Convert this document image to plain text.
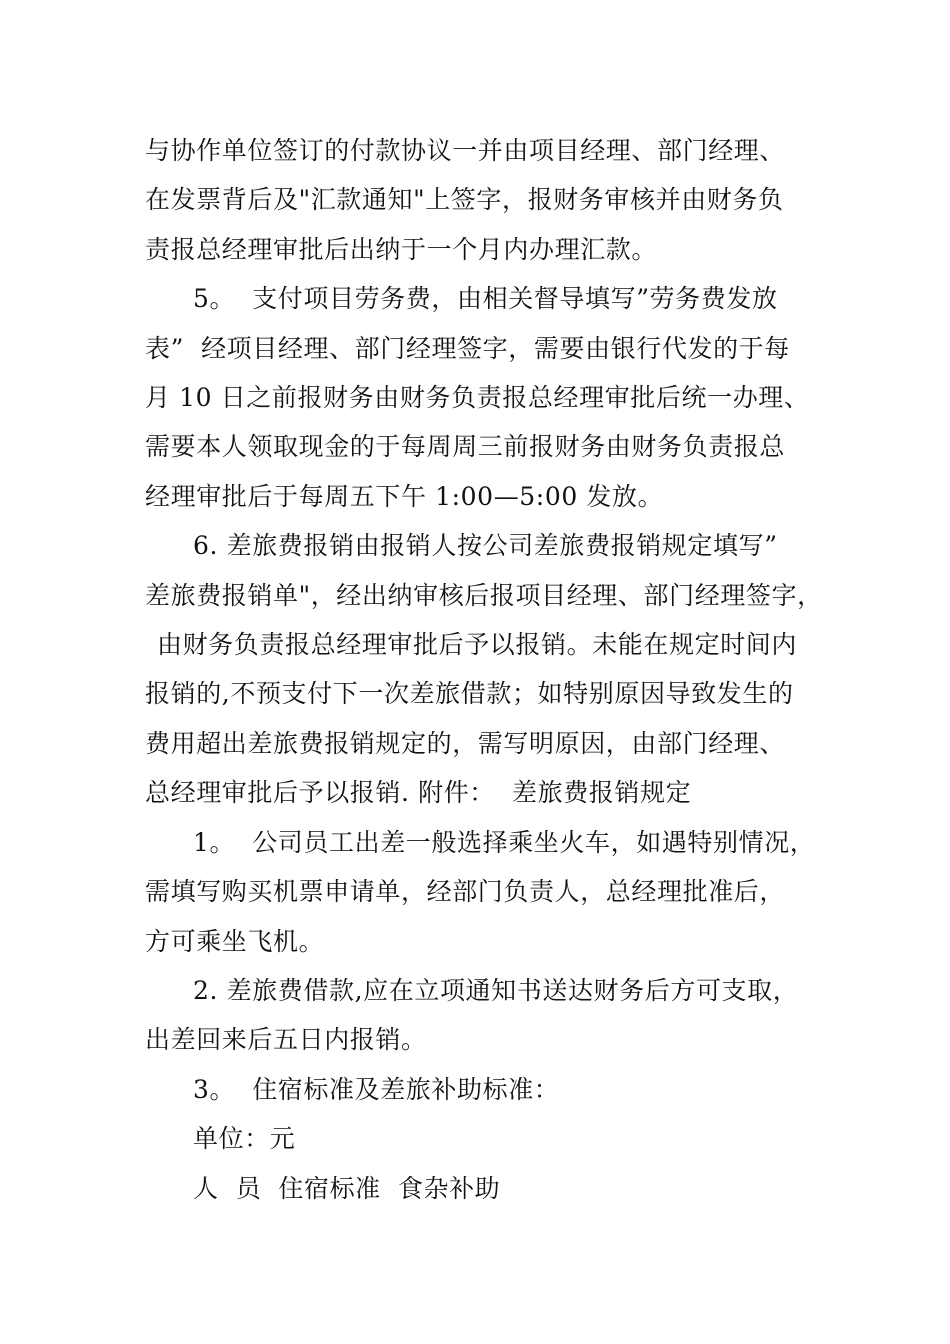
与协作单位签订的付款协议一并由项目经理、部门经理、
在发票背后及"汇款通知"上签字，报财务审核并由财务负
责报总经理审批后出纳于一个月内办理汇款。
5。  支付项目劳务费，由相关督导填写”劳务费发放
表”  经项目经理、部门经理签字，需要由银行代发的于每
月 10 日之前报财务由财务负责报总经理审批后统一办理、
需要本人领取现金的于每周周三前报财务由财务负责报总
经理审批后于每周五下午 1:00—5:00 发放。
6. 差旅费报销由报销人按公司差旅费报销规定填写”
差旅费报销单"，经出纳审核后报项目经理、部门经理签字，
由财务负责报总经理审批后予以报销。未能在规定时间内
报销的,不预支付下一次差旅借款；如特别原因导致发生的
费用超出差旅费报销规定的，需写明原因，由部门经理、
总经理审批后予以报销. 附件：  差旅费报销规定
1。  公司员工出差一般选择乘坐火车，如遇特别情况，
需填写购买机票申请单，经部门负责人，总经理批准后，
方可乘坐飞机。
2. 差旅费借款,应在立项通知书送达财务后方可支取，
出差回来后五日内报销。
3。  住宿标准及差旅补助标准：
单位：元
人  员  住宿标准  食杂补助
